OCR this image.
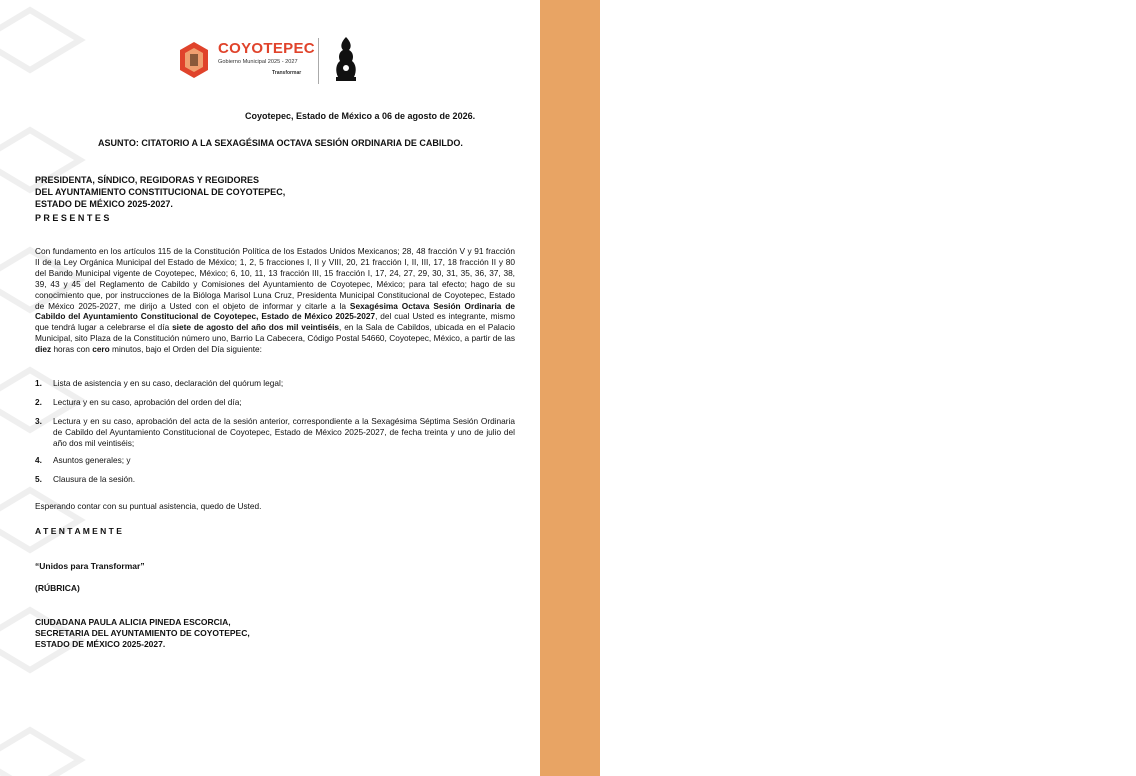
COYOTEPEC
Gobierno Municipal 2025 - 2027
Transformar
Coyotepec, Estado de México a 06 de agosto de 2026.
ASUNTO: CITATORIO A LA SEXAGÉSIMA OCTAVA SESIÓN ORDINARIA DE CABILDO.
PRESIDENTA, SÍNDICO, REGIDORAS Y REGIDORES
DEL AYUNTAMIENTO CONSTITUCIONAL DE COYOTEPEC,
ESTADO DE MÉXICO 2025-2027.
P R E S E N T E S
Con fundamento en los artículos 115 de la Constitución Política de los Estados Unidos Mexicanos; 28, 48 fracción V y 91 fracción II de la Ley Orgánica Municipal del Estado de México; 1, 2, 5 fracciones I, II y VIII, 20, 21 fracción I, II, III, 17, 18 fracción II y 80 del Bando Municipal vigente de Coyotepec, México; 6, 10, 11, 13 fracción III, 15 fracción I, 17, 24, 27, 29, 30, 31, 35, 36, 37, 38, 39, 43 y 45 del Reglamento de Cabildo y Comisiones del Ayuntamiento de Coyotepec, México; para tal efecto; hago de su conocimiento que, por instrucciones de la Bióloga Marisol Luna Cruz, Presidenta Municipal Constitucional de Coyotepec, Estado de México 2025-2027, me dirijo a Usted con el objeto de informar y citarle a la Sexagésima Octava Sesión Ordinaria de Cabildo del Ayuntamiento Constitucional de Coyotepec, Estado de México 2025-2027, del cual Usted es integrante, mismo que tendrá lugar a celebrarse el día siete de agosto del año dos mil veintiséis, en la Sala de Cabildos, ubicada en el Palacio Municipal, sito Plaza de la Constitución número uno, Barrio La Cabecera, Código Postal 54660, Coyotepec, México, a partir de las diez horas con cero minutos, bajo el Orden del Día siguiente:
1. Lista de asistencia y en su caso, declaración del quórum legal;
2. Lectura y en su caso, aprobación del orden del día;
3. Lectura y en su caso, aprobación del acta de la sesión anterior, correspondiente a la Sexagésima Séptima Sesión Ordinaria de Cabildo del Ayuntamiento Constitucional de Coyotepec, Estado de México 2025-2027, de fecha treinta y uno de julio del año dos mil veintiséis;
4. Asuntos generales; y
5. Clausura de la sesión.
Esperando contar con su puntual asistencia, quedo de Usted.
A T E N T A M E N T E
“Unidos para Transformar”
(RÚBRICA)
CIUDADANA PAULA ALICIA PINEDA ESCORCIA,
SECRETARIA DEL AYUNTAMIENTO DE COYOTEPEC,
ESTADO DE MÉXICO 2025-2027.
Citatorio
Transformar
Unidos para
